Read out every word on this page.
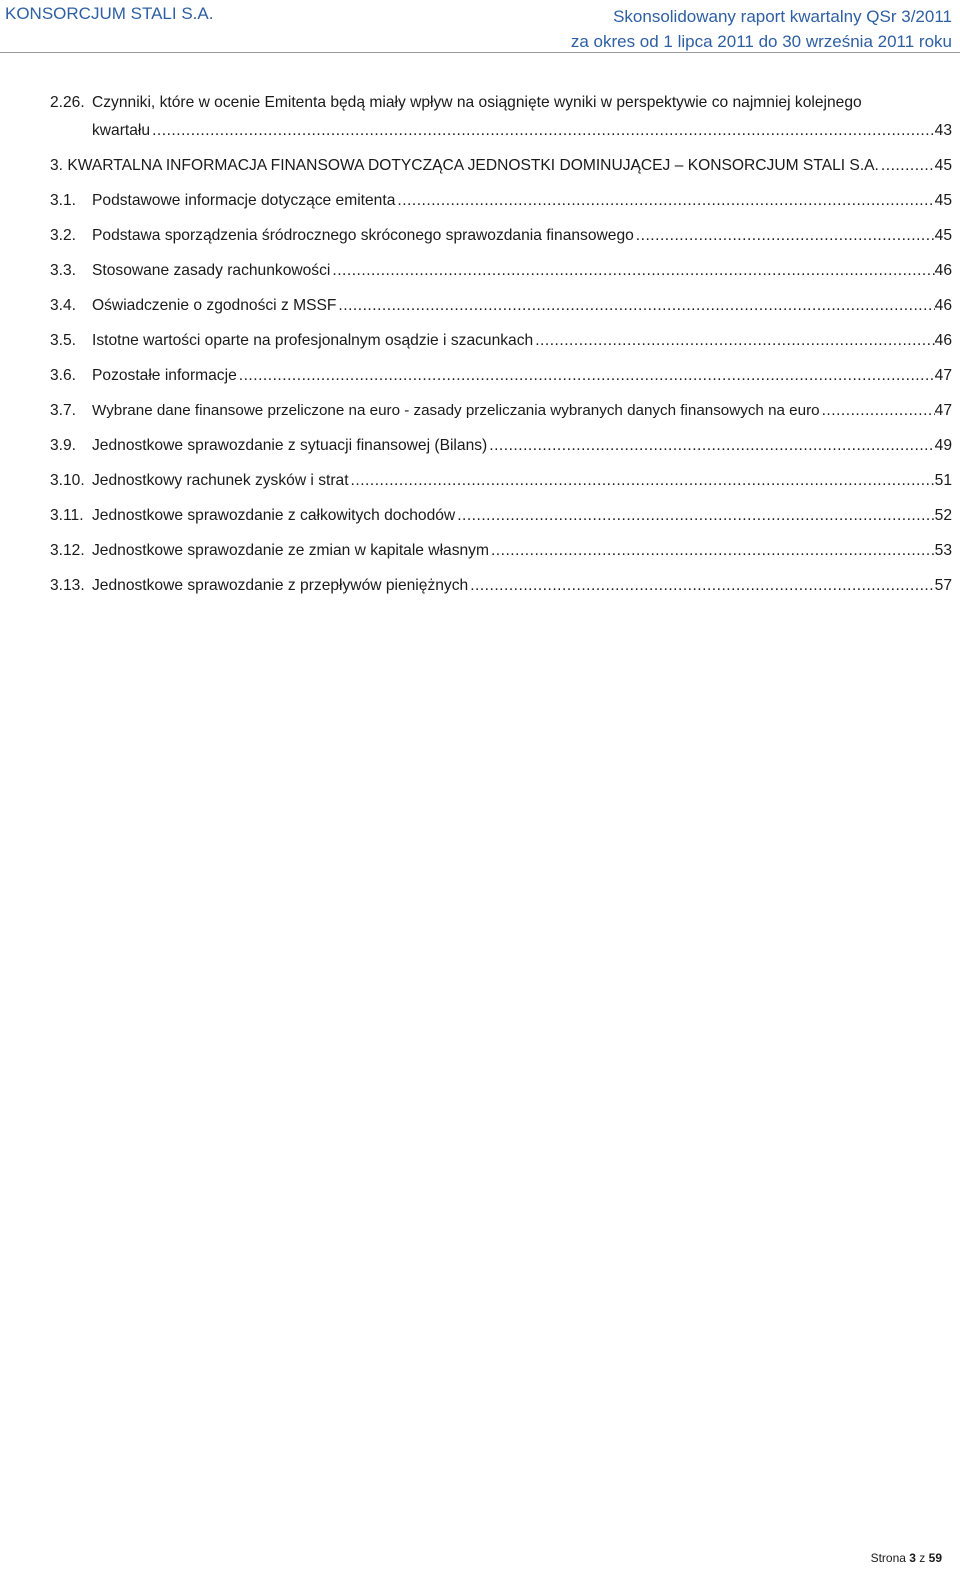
KONSORCJUM STALI S.A.	Skonsolidowany raport kwartalny QSr 3/2011
za okres od 1 lipca 2011 do 30 września 2011 roku
2.26. Czynniki, które w ocenie Emitenta będą miały wpływ na osiągnięte wyniki w perspektywie co najmniej kolejnego
kwartału .....	43
3. KWARTALNA INFORMACJA FINANSOWA DOTYCZĄCA JEDNOSTKI DOMINUJĄCEJ – KONSORCJUM STALI S.A. .....	45
3.1. Podstawowe informacje dotyczące emitenta .....	45
3.2. Podstawa sporządzenia śródrocznego skróconego sprawozdania finansowego .....	45
3.3. Stosowane zasady rachunkowości .....	46
3.4. Oświadczenie o zgodności z MSSF .....	46
3.5. Istotne wartości oparte na profesjonalnym osądzie i szacunkach .....	46
3.6. Pozostałe informacje .....	47
3.7. Wybrane dane finansowe przeliczone na euro - zasady przeliczania wybranych danych finansowych na euro .....	47
3.9. Jednostkowe sprawozdanie z sytuacji finansowej (Bilans) .....	49
3.10. Jednostkowy rachunek zysków i strat .....	51
3.11. Jednostkowe sprawozdanie z całkowitych dochodów .....	52
3.12. Jednostkowe sprawozdanie ze zmian w kapitale własnym .....	53
3.13. Jednostkowe sprawozdanie z przepływów pieniężnych .....	57
Strona 3 z 59
